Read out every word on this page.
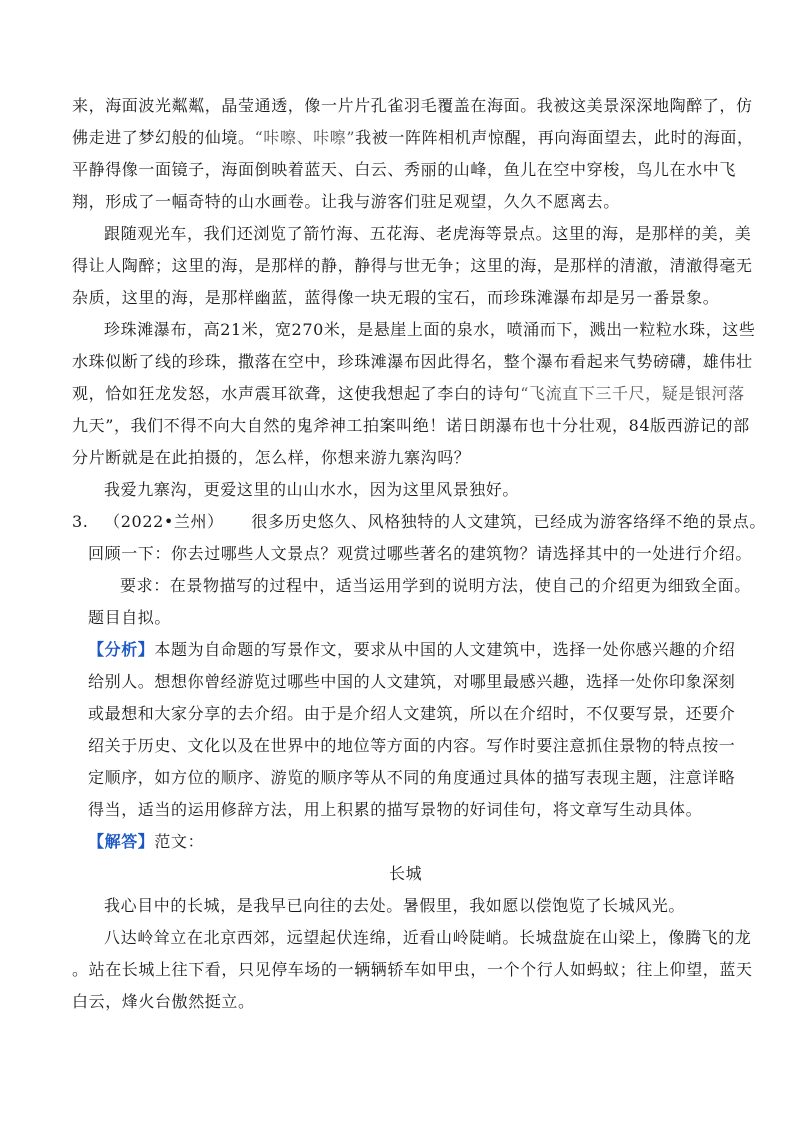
来，海面波光粼粼，晶莹通透，像一片片孔雀羽毛覆盖在海面。我被这美景深深地陶醉了，仿
佛走进了梦幻般的仙境。“咔嚓、咔嚓”我被一阵阵相机声惊醒，再向海面望去，此时的海面，
平静得像一面镜子，海面倒映着蓝天、白云、秀丽的山峰，鱼儿在空中穿梭，鸟儿在水中飞
翔，形成了一幅奇特的山水画卷。让我与游客们驻足观望，久久不愿离去。
跟随观光车，我们还浏览了箭竹海、五花海、老虎海等景点。这里的海，是那样的美，美
得让人陶醉；这里的海，是那样的静，静得与世无争；这里的海，是那样的清澈，清澈得毫无
杂质，这里的海，是那样幽蓝，蓝得像一块无瑕的宝石，而珍珠滩瀑布却是另一番景象。
珍珠滩瀑布，高21米，宽270米，是悬崖上面的泉水，喷涌而下，溅出一粒粒水珠，这些
水珠似断了线的珍珠，撒落在空中，珍珠滩瀑布因此得名，整个瀑布看起来气势磅礴，雄伟壮
观，恰如狂龙发怒，水声震耳欲聋，这使我想起了李白的诗句“飞流直下三千尺，疑是银河落
九天”，我们不得不向大自然的鬼斧神工拍案叫绝！诺日朗瀑布也十分壮观，84版西游记的部
分片断就是在此拍摄的，怎么样，你想来游九寨沟吗？
我爱九寨沟，更爱这里的山山水水，因为这里风景独好。
3. （2022•兰州） 很多历史悠久、风格独特的人文建筑，已经成为游客络绎不绝的景点。
回顾一下：你去过哪些人文景点？观赏过哪些著名的建筑物？请选择其中的一处进行介绍。
要求：在景物描写的过程中，适当运用学到的说明方法，使自己的介绍更为细致全面。
题目自拟。
【分析】本题为自命题的写景作文，要求从中国的人文建筑中，选择一处你感兴趣的介绍
给别人。想想你曾经游览过哪些中国的人文建筑，对哪里最感兴趣，选择一处你印象深刻
或最想和大家分享的去介绍。由于是介绍人文建筑，所以在介绍时，不仅要写景，还要介
绍关于历史、文化以及在世界中的地位等方面的内容。写作时要注意抓住景物的特点按一
定顺序，如方位的顺序、游览的顺序等从不同的角度通过具体的描写表现主题，注意详略
得当，适当的运用修辞方法，用上积累的描写景物的好词佳句，将文章写生动具体。
【解答】范文：
长城
我心目中的长城，是我早已向往的去处。暑假里，我如愿以偿饱览了长城风光。
八达岭耸立在北京西郊，远望起伏连绵，近看山岭陡峭。长城盘旋在山梁上，像腾飞的龙
。站在长城上往下看，只见停车场的一辆辆轿车如甲虫，一个个行人如蚂蚁；往上仰望，蓝天
白云，烽火台傲然挺立。
